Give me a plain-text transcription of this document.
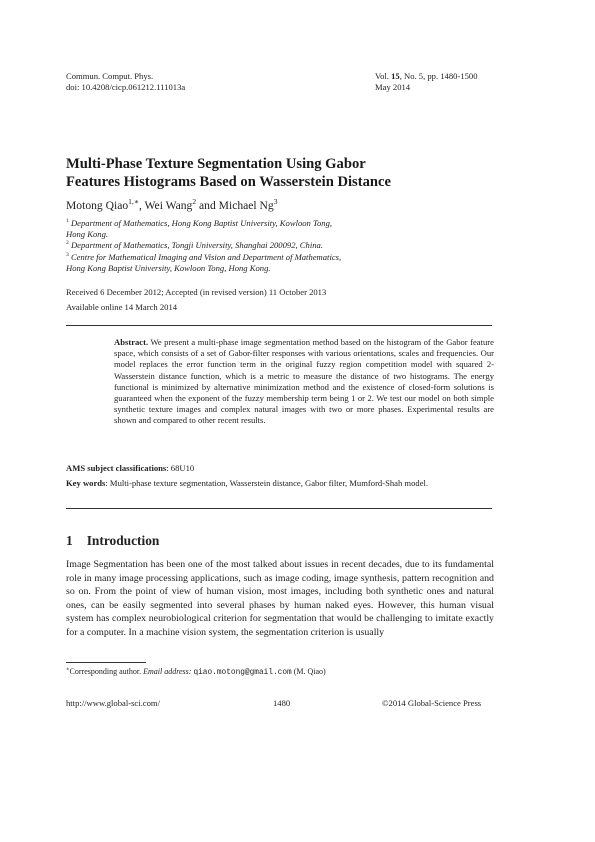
Commun. Comput. Phys.
doi: 10.4208/cicp.061212.111013a
Vol. 15, No. 5, pp. 1480-1500
May 2014
Multi-Phase Texture Segmentation Using Gabor
Features Histograms Based on Wasserstein Distance
Motong Qiao$^{1,∗}$, Wei Wang$^2$ and Michael Ng$^3$
$^1$ Department of Mathematics, Hong Kong Baptist University, Kowloon Tong,
Hong Kong.
$^2$ Department of Mathematics, Tongji University, Shanghai 200092, China.
$^3$ Centre for Mathematical Imaging and Vision and Department of Mathematics,
Hong Kong Baptist University, Kowloon Tong, Hong Kong.
Received 6 December 2012; Accepted (in revised version) 11 October 2013
Available online 14 March 2014
Abstract. We present a multi-phase image segmentation method based on the histogram of the Gabor feature space, which consists of a set of Gabor-filter responses with various orientations, scales and frequencies. Our model replaces the error function term in the original fuzzy region competition model with squared 2-Wasserstein distance function, which is a metric to measure the distance of two histograms. The energy functional is minimized by alternative minimization method and the existence of closed-form solutions is guaranteed when the exponent of the fuzzy membership term being 1 or 2. We test our model on both simple synthetic texture images and complex natural images with two or more phases. Experimental results are shown and compared to other recent results.
AMS subject classifications: 68U10
Key words: Multi-phase texture segmentation, Wasserstein distance, Gabor filter, Mumford-Shah model.
1 Introduction
Image Segmentation has been one of the most talked about issues in recent decades, due to its fundamental role in many image processing applications, such as image coding, image synthesis, pattern recognition and so on. From the point of view of human vision, most images, including both synthetic ones and natural ones, can be easily segmented into several phases by human naked eyes. However, this human visual system has complex neurobiological criterion for segmentation that would be challenging to imitate exactly for a computer. In a machine vision system, the segmentation criterion is usually
∗Corresponding author. Email address: qiao.motong@gmail.com (M. Qiao)
http://www.global-sci.com/	1480	©2014 Global-Science Press
